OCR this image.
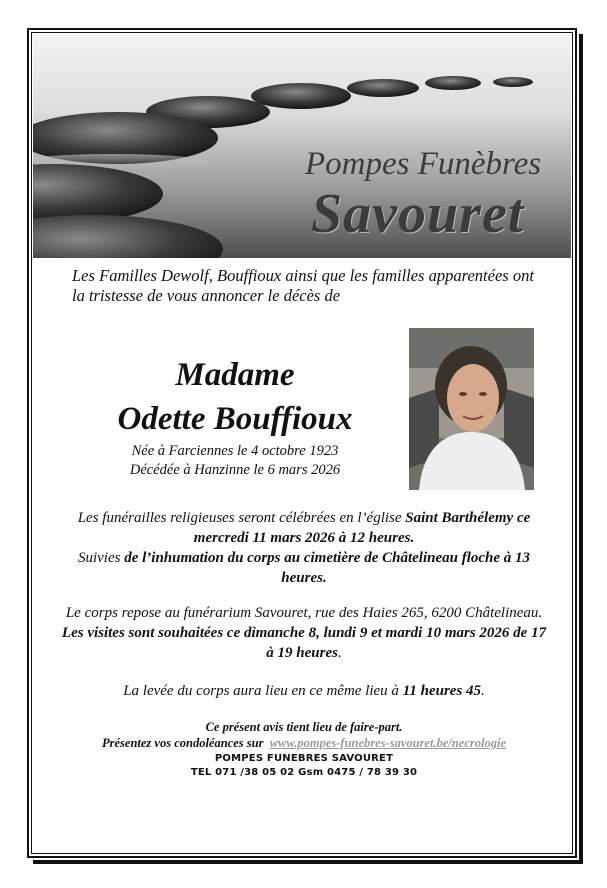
Pompes Funèbres
Savouret
Les Familles Dewolf, Bouffioux ainsi que les familles apparentées ont la tristesse de vous annoncer le décès de
Madame
Odette Bouffioux
Née à Farciennes le 4 octobre 1923
Décédée à Hanzinne le 6 mars 2026
Les funérailles religieuses seront célébrées en l’église Saint Barthélemy ce mercredi 11 mars 2026 à 12 heures.
Suivies de l’inhumation du corps au cimetière de Châtelineau floche à 13 heures.
Le corps repose au funérarium Savouret, rue des Haies 265, 6200 Châtelineau. Les visites sont souhaitées ce dimanche 8, lundi 9 et mardi 10 mars 2026 de 17 à 19 heures.
La levée du corps aura lieu en ce même lieu à 11 heures 45.
Ce présent avis tient lieu de faire-part.
Présentez vos condoléances sur www.pompes-funebres-savouret.be/necrologie
POMPES FUNEBRES SAVOURET
TEL 071 /38 05 02 Gsm 0475 / 78 39 30
